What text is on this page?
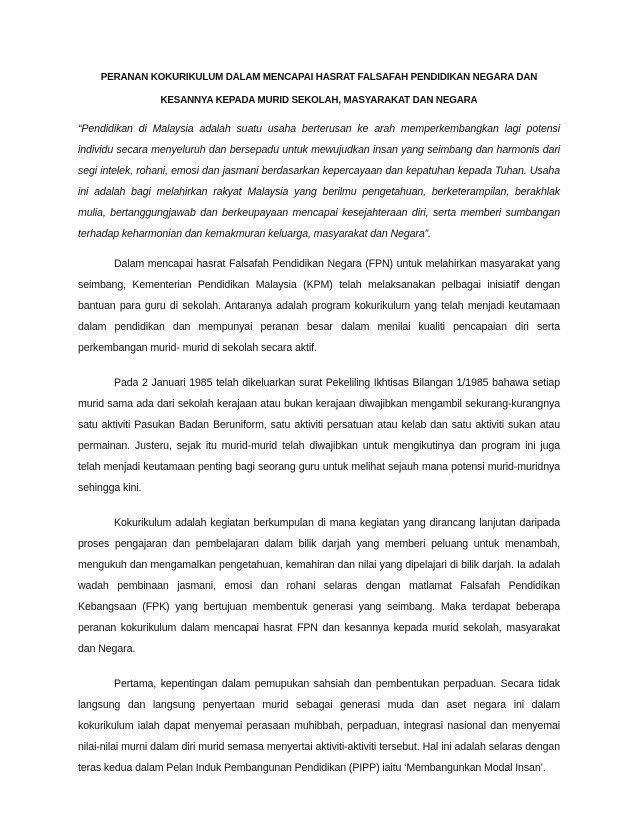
PERANAN KOKURIKULUM DALAM MENCAPAI HASRAT FALSAFAH PENDIDIKAN NEGARA DAN
KESANNYA KEPADA MURID SEKOLAH, MASYARAKAT DAN NEGARA

“Pendidikan di Malaysia adalah suatu usaha berterusan ke arah memperkembangkan lagi potensi individu secara menyeluruh dan bersepadu untuk mewujudkan insan yang seimbang dan harmonis dari segi intelek, rohani, emosi dan jasmani berdasarkan kepercayaan dan kepatuhan kepada Tuhan. Usaha ini adalah bagi melahirkan rakyat Malaysia yang berilmu pengetahuan, berketerampilan, berakhlak mulia, bertanggungjawab dan berkeupayaan mencapai kesejahteraan diri, serta memberi sumbangan terhadap keharmonian dan kemakmuran keluarga, masyarakat dan Negara”.

Dalam mencapai hasrat Falsafah Pendidikan Negara (FPN) untuk melahirkan masyarakat yang seimbang, Kementerian Pendidikan Malaysia (KPM) telah melaksanakan pelbagai inisiatif dengan bantuan para guru di sekolah. Antaranya adalah program kokurikulum yang telah menjadi keutamaan dalam pendidikan dan mempunyai peranan besar dalam menilai kualiti pencapaian diri serta perkembangan murid- murid di sekolah secara aktif.

Pada 2 Januari 1985 telah dikeluarkan surat Pekeliling Ikhtisas Bilangan 1/1985 bahawa setiap murid sama ada dari sekolah kerajaan atau bukan kerajaan diwajibkan mengambil sekurang-kurangnya satu aktiviti Pasukan Badan Beruniform, satu aktiviti persatuan atau kelab dan satu aktiviti sukan atau permainan. Justeru, sejak itu murid-murid telah diwajibkan untuk mengikutinya dan program ini juga telah menjadi keutamaan penting bagi seorang guru untuk melihat sejauh mana potensi murid-muridnya sehingga kini.

Kokurikulum adalah kegiatan berkumpulan di mana kegiatan yang dirancang lanjutan daripada proses pengajaran dan pembelajaran dalam bilik darjah yang memberi peluang untuk menambah, mengukuh dan mengamalkan pengetahuan, kemahiran dan nilai yang dipelajari di bilik darjah. Ia adalah wadah pembinaan jasmani, emosi dan rohani selaras dengan matlamat Falsafah Pendidikan Kebangsaan (FPK) yang bertujuan membentuk generasi yang seimbang. Maka terdapat beberapa peranan kokurikulum dalam mencapai hasrat FPN dan kesannya kepada murid sekolah, masyarakat dan Negara.

Pertama, kepentingan dalam pemupukan sahsiah dan pembentukan perpaduan. Secara tidak langsung dan langsung penyertaan murid sebagai generasi muda dan aset negara ini dalam kokurikulum ialah dapat menyemai perasaan muhibbah, perpaduan, integrasi nasional dan menyemai nilai-nilai murni dalam diri murid semasa menyertai aktiviti-aktiviti tersebut. Hal ini adalah selaras dengan teras kedua dalam Pelan Induk Pembangunan Pendidikan (PIPP) iaitu ‘Membangunkan Modal Insan’.
